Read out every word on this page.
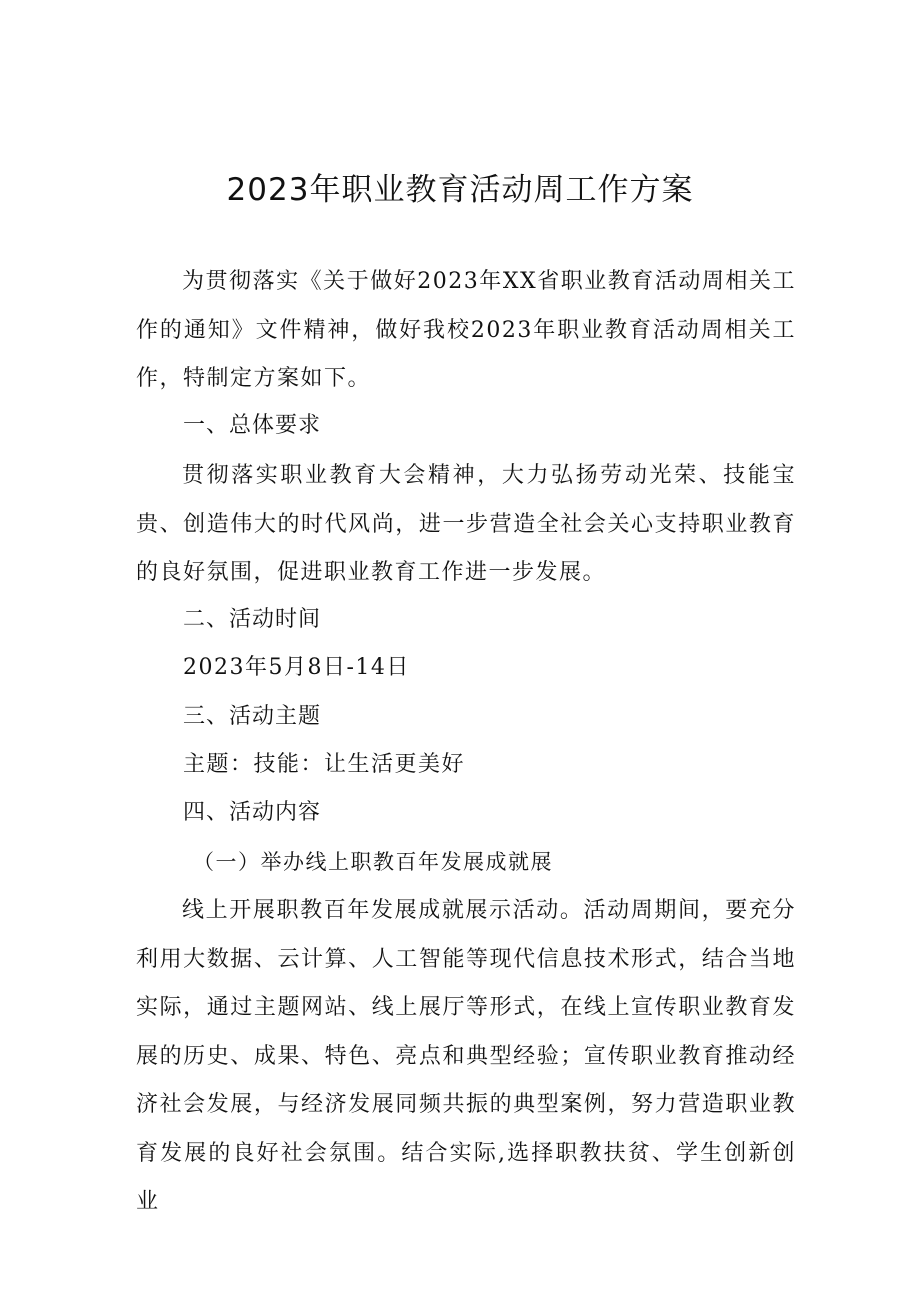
2023年职业教育活动周工作方案

为贯彻落实《关于做好2023年XX省职业教育活动周相关工作的通知》文件精神，做好我校2023年职业教育活动周相关工作，特制定方案如下。

一、总体要求

贯彻落实职业教育大会精神，大力弘扬劳动光荣、技能宝贵、创造伟大的时代风尚，进一步营造全社会关心支持职业教育的良好氛围，促进职业教育工作进一步发展。

二、活动时间
2023年5月8日-14日
三、活动主题
主题：技能：让生活更美好
四、活动内容
（一）举办线上职教百年发展成就展

线上开展职教百年发展成就展示活动。活动周期间，要充分利用大数据、云计算、人工智能等现代信息技术形式，结合当地实际，通过主题网站、线上展厅等形式，在线上宣传职业教育发展的历史、成果、特色、亮点和典型经验；宣传职业教育推动经济社会发展，与经济发展同频共振的典型案例，努力营造职业教育发展的良好社会氛围。结合实际,选择职教扶贫、学生创新创业
